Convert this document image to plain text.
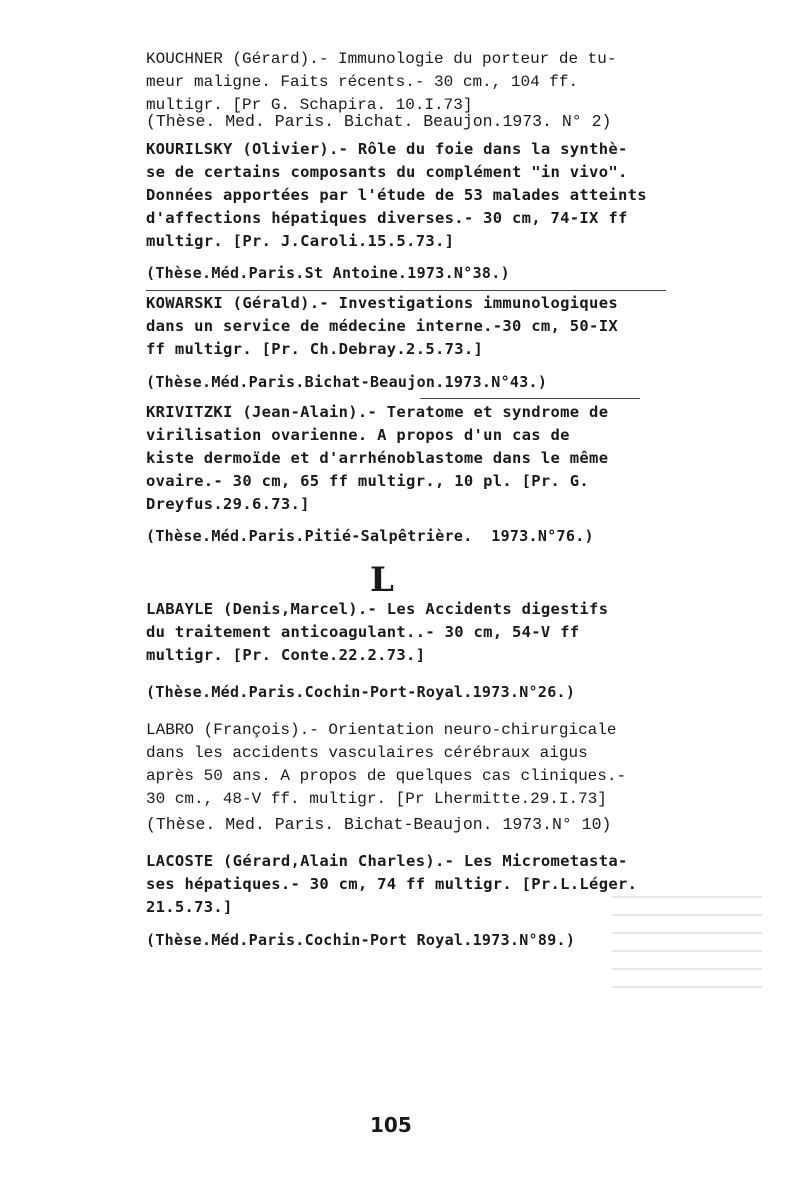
KOUCHNER (Gérard).- Immunologie du porteur de tu-
meur maligne. Faits récents.- 30 cm., 104 ff.
multigr. [Pr G. Schapira. 10.I.73]
(Thèse. Med. Paris. Bichat. Beaujon.1973. N° 2)
KOURILSKY (Olivier).- Rôle du foie dans la synthè-
se de certains composants du complément "in vivo".
Données apportées par l'étude de 53 malades atteints
d'affections hépatiques diverses.- 30 cm, 74-IX ff
multigr. [Pr. J.Caroli.15.5.73.]
(Thèse.Méd.Paris.St Antoine.1973.N°38.)
KOWARSKI (Gérald).- Investigations immunologiques
dans un service de médecine interne.-30 cm, 50-IX
ff multigr. [Pr. Ch.Debray.2.5.73.]
(Thèse.Méd.Paris.Bichat-Beaujon.1973.N°43.)
KRIVITZKI (Jean-Alain).- Teratome et syndrome de
virilisation ovarienne. A propos d'un cas de
kiste dermoïde et d'arrhénoblastome dans le même
ovaire.- 30 cm, 65 ff multigr., 10 pl. [Pr. G.
Dreyfus.29.6.73.]
(Thèse.Méd.Paris.Pitié-Salpêtrière.  1973.N°76.)
L
LABAYLE (Denis,Marcel).- Les Accidents digestifs
du traitement anticoagulant..- 30 cm, 54-V ff
multigr. [Pr. Conte.22.2.73.]
(Thèse.Méd.Paris.Cochin-Port-Royal.1973.N°26.)
LABRO (François).- Orientation neuro-chirurgicale
dans les accidents vasculaires cérébraux aigus
après 50 ans. A propos de quelques cas cliniques.-
30 cm., 48-V ff. multigr. [Pr Lhermitte.29.I.73]
(Thèse. Med. Paris. Bichat-Beaujon. 1973.N° 10)
LACOSTE (Gérard,Alain Charles).- Les Micrometasta-
ses hépatiques.- 30 cm, 74 ff multigr. [Pr.L.Léger.
21.5.73.]
(Thèse.Méd.Paris.Cochin-Port Royal.1973.N°89.)
105
